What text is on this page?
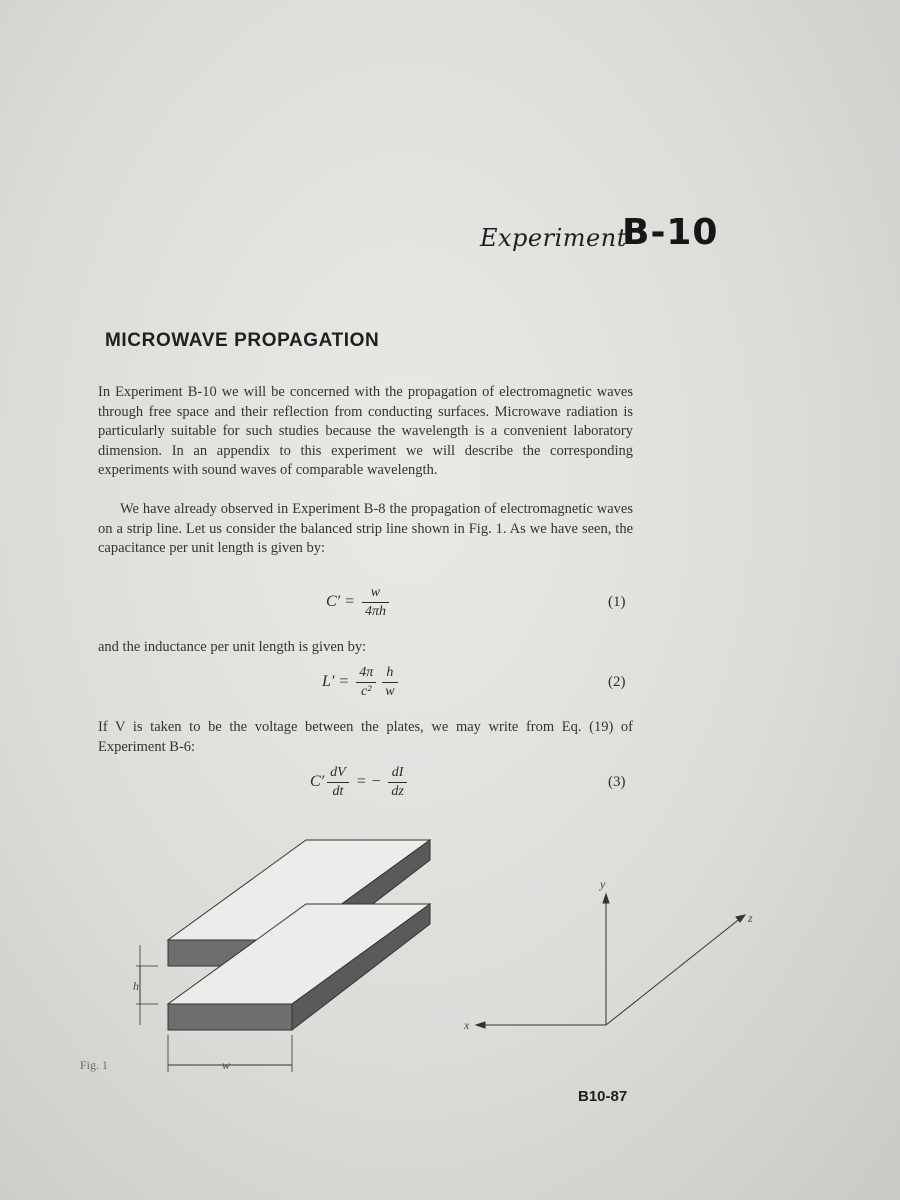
Experiment
B-10
MICROWAVE PROPAGATION

In Experiment B-10 we will be concerned with the propagation of electromagnetic waves through free space and their reflection from conducting surfaces. Microwave radiation is particularly suitable for such studies because the wavelength is a convenient laboratory dimension. In an appendix to this experiment we will describe the corresponding experiments with sound waves of comparable wavelength.

We have already observed in Experiment B-8 the propagation of electromagnetic waves on a strip line. Let us consider the balanced strip line shown in Fig. 1. As we have seen, the capacitance per unit length is given by:

$C' = \frac{w}{4\pi h}$	(1)

and the inductance per unit length is given by:

$L' = \frac{4\pi}{\text{c²}} \frac{h}{w}$	(2)

If V is taken to be the voltage between the plates, we may write from Eq. (19) of Experiment B-6:

$C' \frac{dV}{dt}$ = − $\frac{dI}{dz}$	(3)
h
w
y
x
z
Fig. 1
B10-87
